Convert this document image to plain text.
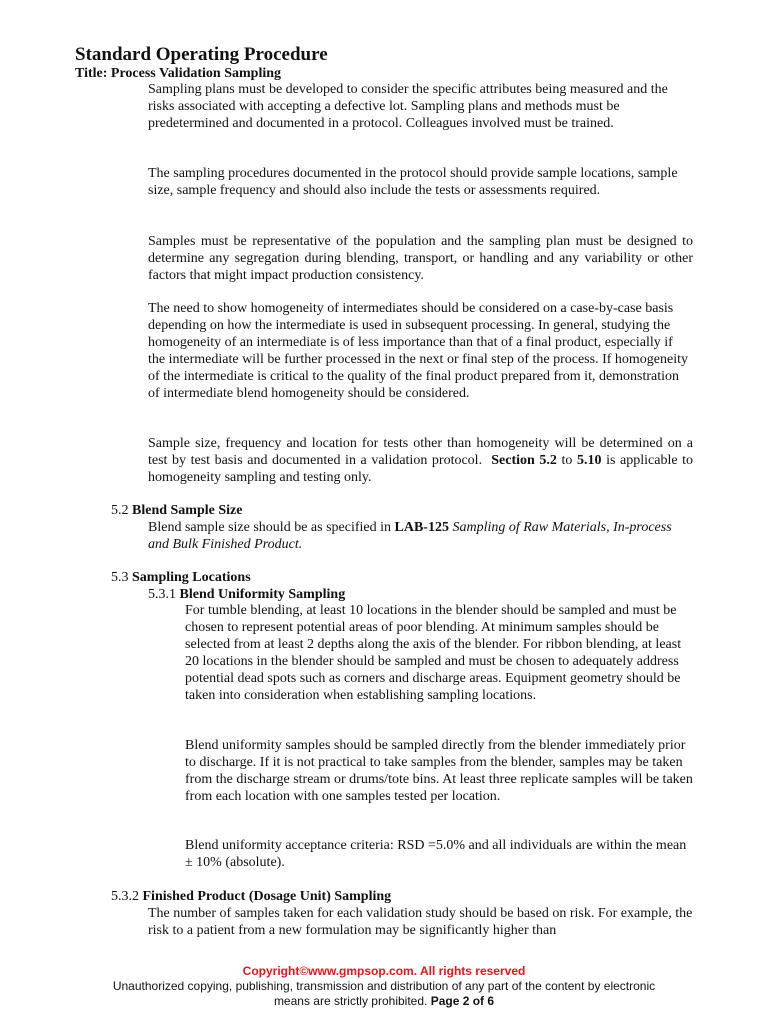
Standard Operating Procedure
Title: Process Validation Sampling

Sampling plans must be developed to consider the specific attributes being measured and the risks associated with accepting a defective lot. Sampling plans and methods must be predetermined and documented in a protocol. Colleagues involved must be trained.

The sampling procedures documented in the protocol should provide sample locations, sample size, sample frequency and should also include the tests or assessments required.

Samples must be representative of the population and the sampling plan must be designed to determine any segregation during blending, transport, or handling and any variability or other factors that might impact production consistency.

The need to show homogeneity of intermediates should be considered on a case-by-case basis depending on how the intermediate is used in subsequent processing. In general, studying the homogeneity of an intermediate is of less importance than that of a final product, especially if the intermediate will be further processed in the next or final step of the process. If homogeneity of the intermediate is critical to the quality of the final product prepared from it, demonstration of intermediate blend homogeneity should be considered.

Sample size, frequency and location for tests other than homogeneity will be determined on a test by test basis and documented in a validation protocol. Section 5.2 to 5.10 is applicable to homogeneity sampling and testing only.

5.2 Blend Sample Size

Blend sample size should be as specified in LAB-125 Sampling of Raw Materials, In-process and Bulk Finished Product.

5.3 Sampling Locations
5.3.1 Blend Uniformity Sampling

For tumble blending, at least 10 locations in the blender should be sampled and must be chosen to represent potential areas of poor blending. At minimum samples should be selected from at least 2 depths along the axis of the blender. For ribbon blending, at least 20 locations in the blender should be sampled and must be chosen to adequately address potential dead spots such as corners and discharge areas. Equipment geometry should be taken into consideration when establishing sampling locations.

Blend uniformity samples should be sampled directly from the blender immediately prior to discharge. If it is not practical to take samples from the blender, samples may be taken from the discharge stream or drums/tote bins. At least three replicate samples will be taken from each location with one samples tested per location.

Blend uniformity acceptance criteria: RSD =5.0% and all individuals are within the mean ± 10% (absolute).

5.3.2 Finished Product (Dosage Unit) Sampling

The number of samples taken for each validation study should be based on risk. For example, the risk to a patient from a new formulation may be significantly higher than

Copyright©www.gmpsop.com. All rights reserved
Unauthorized copying, publishing, transmission and distribution of any part of the content by electronic
means are strictly prohibited. Page 2 of 6
